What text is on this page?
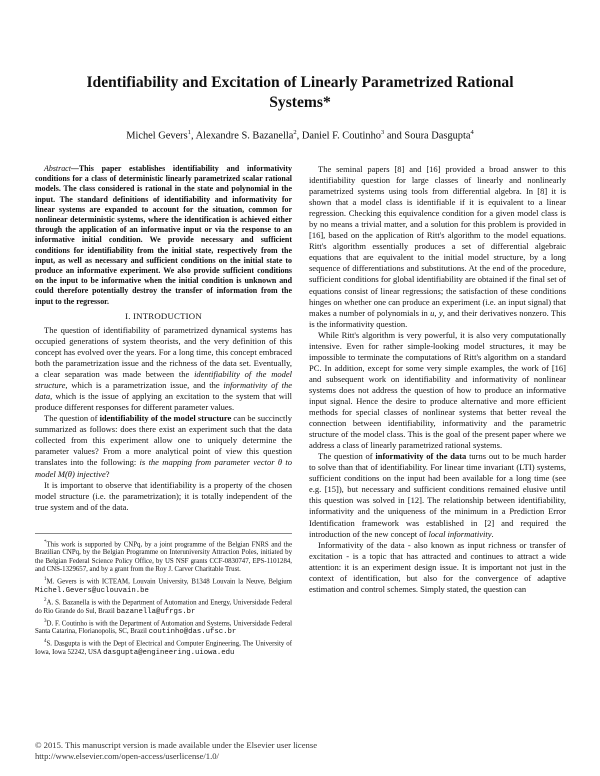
Identifiability and Excitation of Linearly Parametrized Rational Systems*
Michel Gevers$^1$, Alexandre S. Bazanella$^2$, Daniel F. Coutinho$^3$ and Soura Dasgupta$^4$

Abstract—This paper establishes identifiability and informativity conditions for a class of deterministic linearly parametrized scalar rational models. The class considered is rational in the state and polynomial in the input. The standard definitions of identifiability and informativity for linear systems are expanded to account for the situation, common for nonlinear deterministic systems, where the identification is achieved either through the application of an informative input or via the response to an informative initial condition. We provide necessary and sufficient conditions for identifiability from the initial state, respectively from the input, as well as necessary and sufficient conditions on the initial state to produce an informative experiment. We also provide sufficient conditions on the input to be informative when the initial condition is unknown and could therefore potentially destroy the transfer of information from the input to the regressor.

I. INTRODUCTION

The question of identifiability of parametrized dynamical systems has occupied generations of system theorists, and the very definition of this concept has evolved over the years. For a long time, this concept embraced both the parametrization issue and the richness of the data set. Eventually, a clear separation was made between the identifiability of the model structure, which is a parametrization issue, and the informativity of the data, which is the issue of applying an excitation to the system that will produce different responses for different parameter values.

The question of identifiability of the model structure can be succinctly summarized as follows: does there exist an experiment such that the data collected from this experiment allow one to uniquely determine the parameter values? From a more analytical point of view this question translates into the following: is the mapping from parameter vector θ to model M(θ) injective?

It is important to observe that identifiability is a property of the chosen model structure (i.e. the parametrization); it is totally independent of the true system and of the data.

*This work is supported by CNPq, by a joint programme of the Belgian FNRS and the Brazilian CNPq, by the Belgian Programme on Interuniversity Attraction Poles, initiated by the Belgian Federal Science Policy Office, by US NSF grants CCF-0830747, EPS-1101284, and CNS-1329657, and by a grant from the Roy J. Carver Charitable Trust.

$^1$M. Gevers is with ICTEAM, Louvain University, B1348 Louvain la Neuve, Belgium Michel.Gevers@uclouvain.be

$^2$A. S. Bazanella is with the Department of Automation and Energy, Universidade Federal do Rio Grande do Sul, Brazil bazanella@ufrgs.br

$^3$D. F. Coutinho is with the Department of Automation and Systems, Universidade Federal Santa Catarina, Florianopolis, SC, Brazil coutinho@das.ufsc.br

$^4$S. Dasgupta is with the Dept of Electrical and Computer Engineering, The University of Iowa, Iowa 52242, USA dasgupta@engineering.uiowa.edu

The seminal papers [8] and [16] provided a broad answer to this identifiability question for large classes of linearly and nonlinearly parametrized systems using tools from differential algebra. In [8] it is shown that a model class is identifiable if it is equivalent to a linear regression. Checking this equivalence condition for a given model class is by no means a trivial matter, and a solution for this problem is provided in [16], based on the application of Ritt's algorithm to the model equations. Ritt's algorithm essentially produces a set of differential algebraic equations that are equivalent to the initial model structure, by a long sequence of differentiations and substitutions. At the end of the procedure, sufficient conditions for global identifiability are obtained if the final set of equations consist of linear regressions; the satisfaction of these conditions hinges on whether one can produce an experiment (i.e. an input signal) that makes a number of polynomials in u, y, and their derivatives nonzero. This is the informativity question.

While Ritt's algorithm is very powerful, it is also very computationally intensive. Even for rather simple-looking model structures, it may be impossible to terminate the computations of Ritt's algorithm on a standard PC. In addition, except for some very simple examples, the work of [16] and subsequent work on identifiability and informativity of nonlinear systems does not address the question of how to produce an informative input signal. Hence the desire to produce alternative and more efficient methods for special classes of nonlinear systems that better reveal the connection between identifiability, informativity and the parametric structure of the model class. This is the goal of the present paper where we address a class of linearly parametrized rational systems.

The question of informativity of the data turns out to be much harder to solve than that of identifiability. For linear time invariant (LTI) systems, sufficient conditions on the input had been available for a long time (see e.g. [15]), but necessary and sufficient conditions remained elusive until this question was solved in [12]. The relationship between identifiability, informativity and the uniqueness of the minimum in a Prediction Error Identification framework was established in [2] and required the introduction of the new concept of local informativity.

Informativity of the data - also known as input richness or transfer of excitation - is a topic that has attracted and continues to attract a wide attention: it is an experiment design issue. It is important not just in the context of identification, but also for the convergence of adaptive estimation and control schemes. Simply stated, the question can

© 2015. This manuscript version is made available under the Elsevier user license
http://www.elsevier.com/open-access/userlicense/1.0/
